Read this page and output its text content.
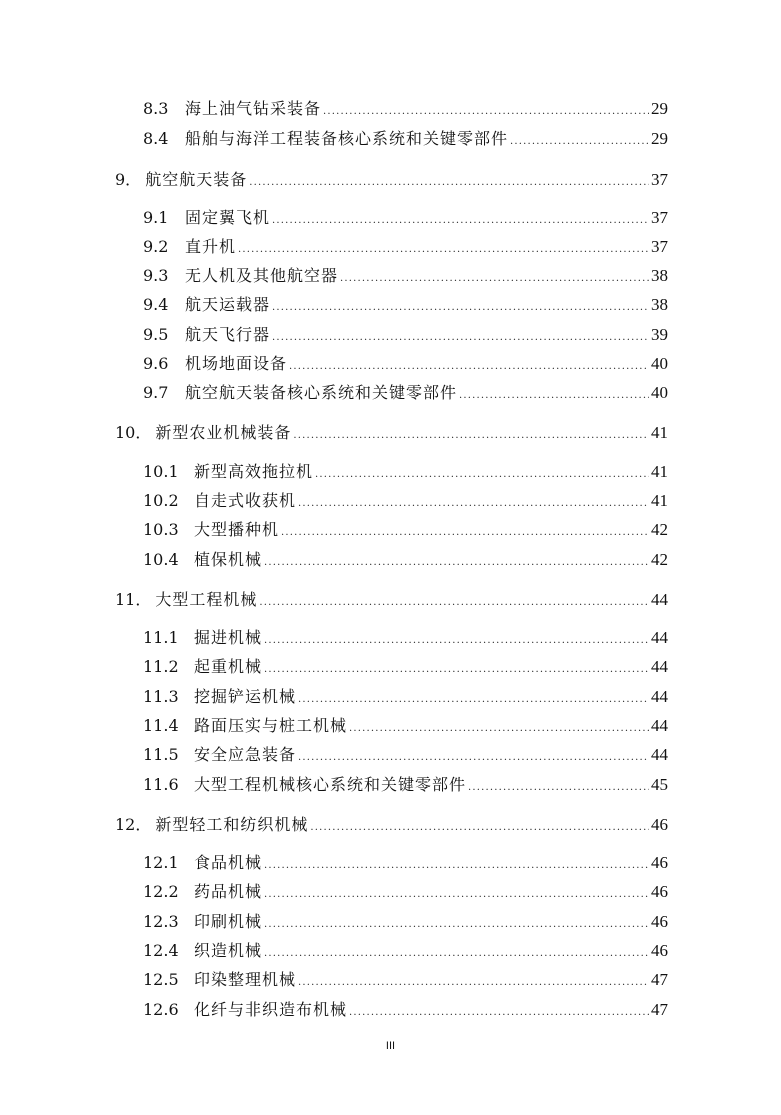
8.3	海上油气钻采装备 .....	29
8.4	船舶与海洋工程装备核心系统和关键零部件 .....	29
9． 航空航天装备 .....	37
9.1	固定翼飞机 .....	37
9.2	直升机 .....	37
9.3	无人机及其他航空器 .....	38
9.4	航天运载器 .....	38
9.5	航天飞行器 .....	39
9.6	机场地面设备 .....	40
9.7	航空航天装备核心系统和关键零部件 .....	40
10． 新型农业机械装备 .....	41
10.1 新型高效拖拉机 .....	41
10.2 自走式收获机 .....	41
10.3 大型播种机 .....	42
10.4 植保机械 .....	42
11． 大型工程机械 .....	44
11.1 掘进机械 .....	44
11.2 起重机械 .....	44
11.3 挖掘铲运机械 .....	44
11.4 路面压实与桩工机械 .....	44
11.5 安全应急装备 .....	44
11.6 大型工程机械核心系统和关键零部件 .....	45
12． 新型轻工和纺织机械 .....	46
12.1 食品机械 .....	46
12.2 药品机械 .....	46
12.3 印刷机械 .....	46
12.4 织造机械 .....	46
12.5 印染整理机械 .....	47
12.6 化纤与非织造布机械 .....	47
III
